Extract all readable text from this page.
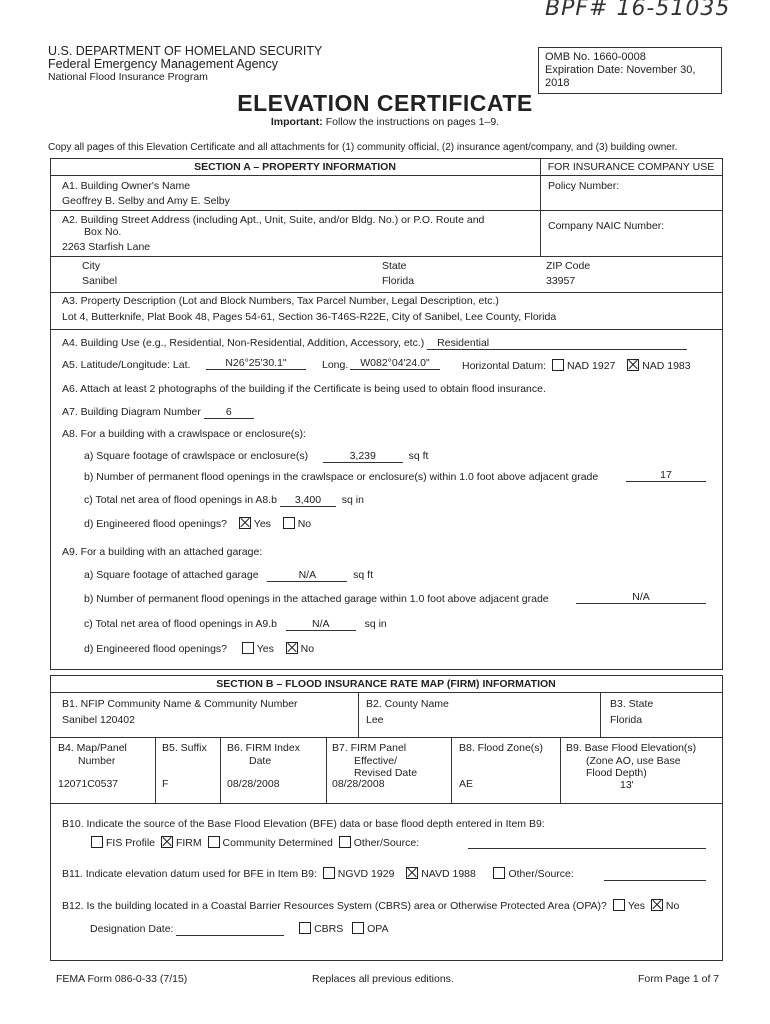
BPF# 16-51035
U.S. DEPARTMENT OF HOMELAND SECURITY
Federal Emergency Management Agency
National Flood Insurance Program
OMB No. 1660-0008
Expiration Date: November 30, 2018
ELEVATION CERTIFICATE
Important: Follow the instructions on pages 1–9.
Copy all pages of this Elevation Certificate and all attachments for (1) community official, (2) insurance agent/company, and (3) building owner.
SECTION A – PROPERTY INFORMATION	FOR INSURANCE COMPANY USE
A1. Building Owner's Name
Geoffrey B. Selby and Amy E. Selby
Policy Number:
A2. Building Street Address (including Apt., Unit, Suite, and/or Bldg. No.) or P.O. Route and
Box No.
2263 Starfish Lane
Company NAIC Number:
City
Sanibel
State
Florida
ZIP Code
33957
A3. Property Description (Lot and Block Numbers, Tax Parcel Number, Legal Description, etc.)
Lot 4, Butterknife, Plat Book 48, Pages 54-61, Section 36-T46S-R22E, City of Sanibel, Lee County, Florida
A4. Building Use (e.g., Residential, Non-Residential, Addition, Accessory, etc.) Residential
A5. Latitude/Longitude: Lat.	N26°25'30.1"	Long.	W082°04'24.0"	Horizontal Datum: NAD 1927	NAD 1983
A6. Attach at least 2 photographs of the building if the Certificate is being used to obtain flood insurance.
A7. Building Diagram Number 6
A8. For a building with a crawlspace or enclosure(s):
a) Square footage of crawlspace or enclosure(s)	3,239	sq ft
b) Number of permanent flood openings in the crawlspace or enclosure(s) within 1.0 foot above adjacent grade	17
c) Total net area of flood openings in A8.b 3,400 sq in
d) Engineered flood openings?	Yes	No
A9. For a building with an attached garage:
a) Square footage of attached garage	N/A	sq ft
b) Number of permanent flood openings in the attached garage within 1.0 foot above adjacent grade	N/A
c) Total net area of flood openings in A9.b	N/A	sq in
d) Engineered flood openings?	Yes	No
SECTION B – FLOOD INSURANCE RATE MAP (FIRM) INFORMATION
B1. NFIP Community Name & Community Number
Sanibel 120402
B2. County Name
Lee
B3. State
Florida
B4. Map/Panel
Number
12071C0537
B5. Suffix
F
B6. FIRM Index
Date
08/28/2008
B7. FIRM Panel
Effective/
Revised Date
08/28/2008
B8. Flood Zone(s)
AE
B9. Base Flood Elevation(s)
(Zone AO, use Base
Flood Depth)
13'
B10. Indicate the source of the Base Flood Elevation (BFE) data or base flood depth entered in Item B9:
FIS Profile FIRM Community Determined Other/Source:
B11. Indicate elevation datum used for BFE in Item B9: NGVD 1929	NAVD 1988	Other/Source:
B12. Is the building located in a Coastal Barrier Resources System (CBRS) area or Otherwise Protected Area (OPA)? Yes No
Designation Date:	CBRS OPA
FEMA Form 086-0-33 (7/15)	Replaces all previous editions.	Form Page 1 of 7
